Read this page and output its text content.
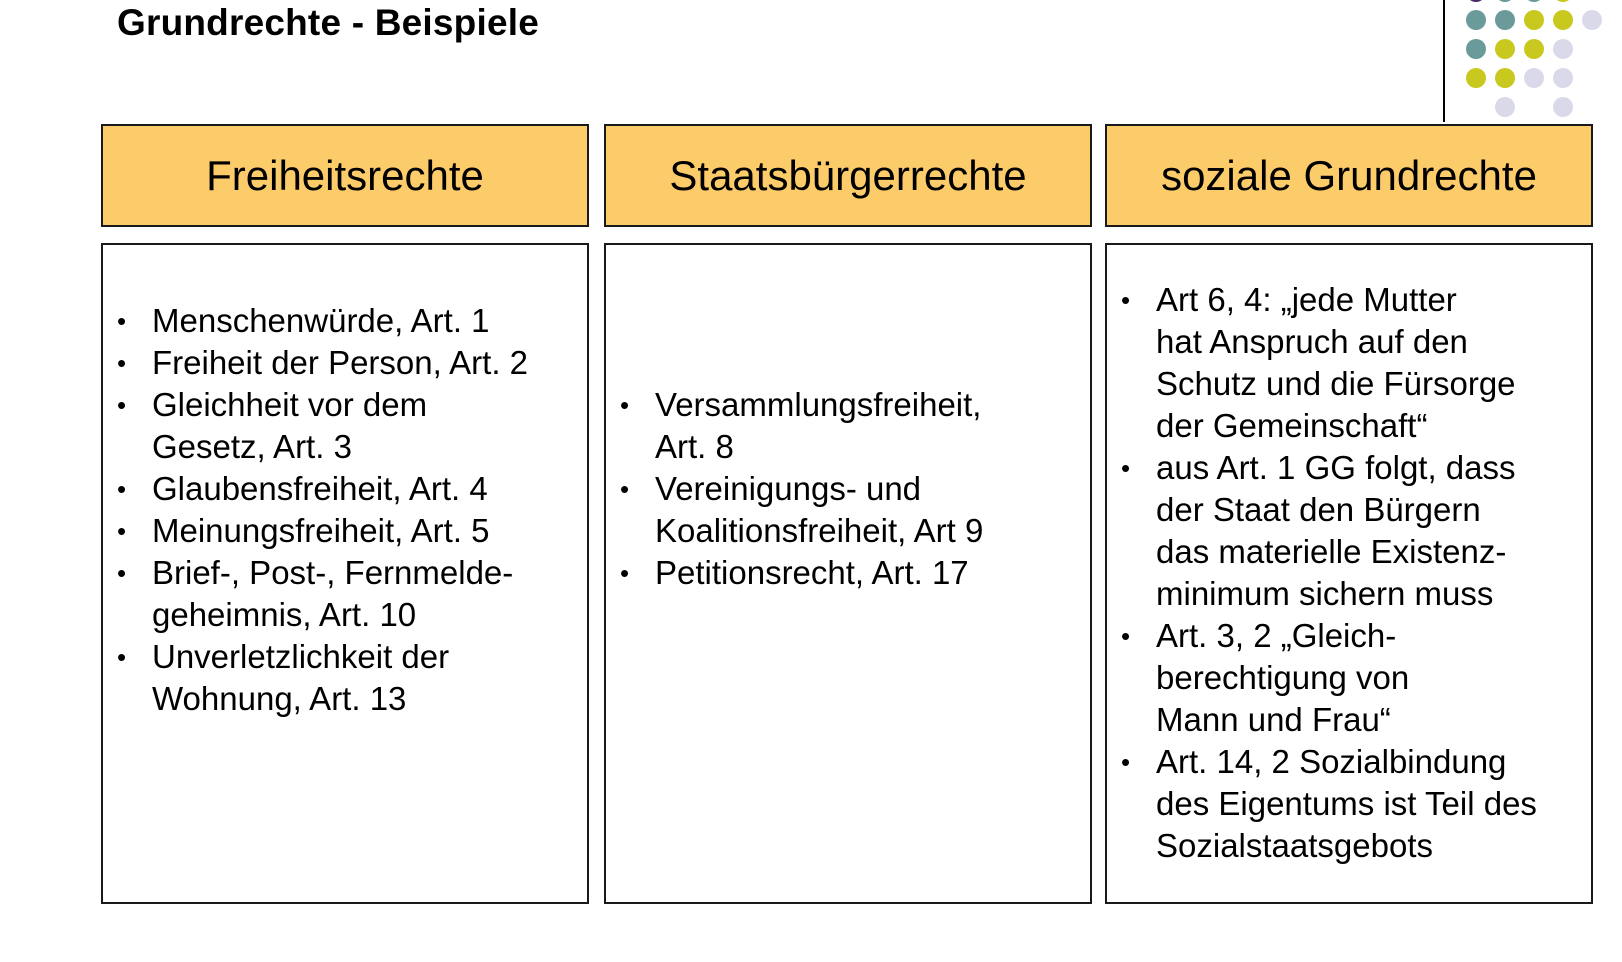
Grundrechte - Beispiele
Freiheitsrechte	Staatsbürgerrechte	soziale Grundrechte
• Menschenwürde, Art. 1
• Freiheit der Person, Art. 2
• Gleichheit vor dem
Gesetz, Art. 3
• Glaubensfreiheit, Art. 4
• Meinungsfreiheit, Art. 5
• Brief-, Post-, Fernmelde-
geheimnis, Art. 10
• Unverletzlichkeit der
Wohnung, Art. 13
• Versammlungsfreiheit,
Art. 8
• Vereinigungs- und
Koalitionsfreiheit, Art 9
• Petitionsrecht, Art. 17
• Art 6, 4: „jede Mutter
hat Anspruch auf den
Schutz und die Fürsorge
der Gemeinschaft“
• aus Art. 1 GG folgt, dass
der Staat den Bürgern
das materielle Existenz-
minimum sichern muss
• Art. 3, 2 „Gleich-
berechtigung von
Mann und Frau“
• Art. 14, 2 Sozialbindung
des Eigentums ist Teil des
Sozialstaatsgebots
